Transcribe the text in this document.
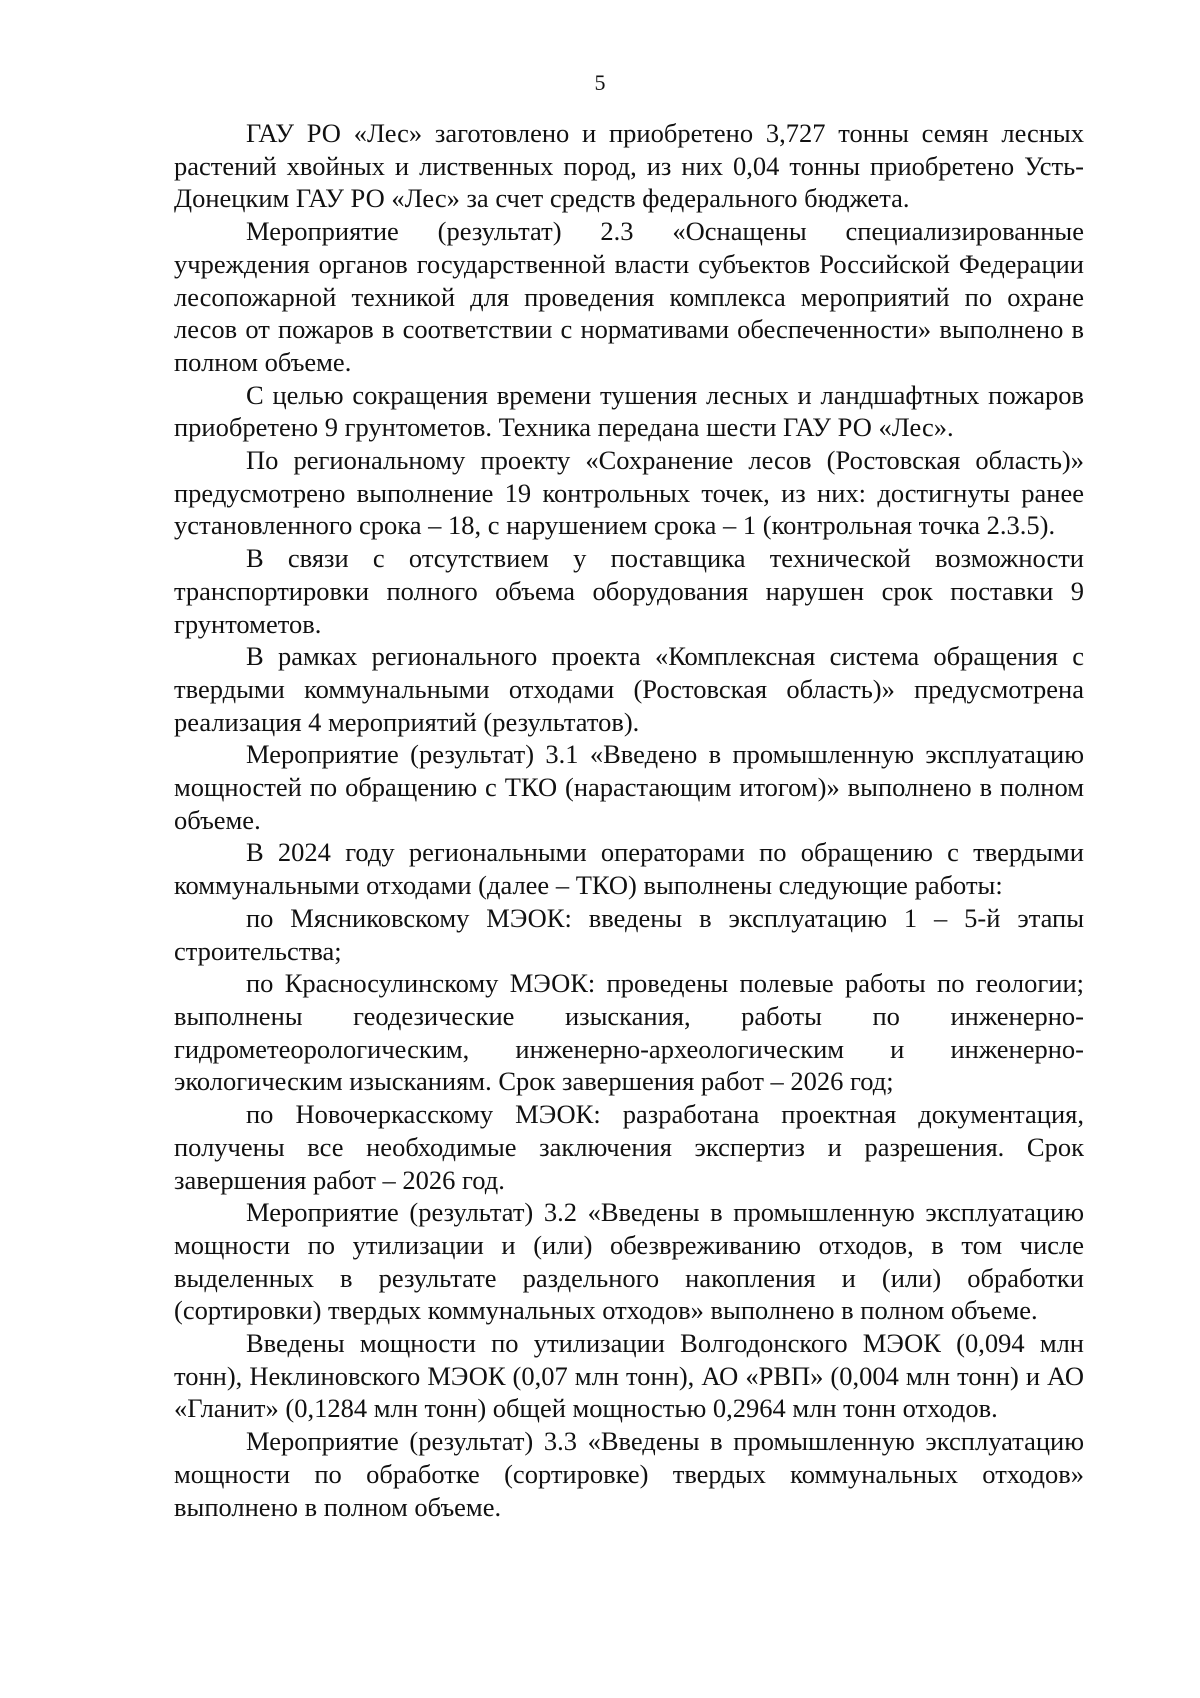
5

ГАУ РО «Лес» заготовлено и приобретено 3,727 тонны семян лесных растений хвойных и лиственных пород, из них 0,04 тонны приобретено Усть-Донецким ГАУ РО «Лес» за счет средств федерального бюджета.

Мероприятие (результат) 2.3 «Оснащены специализированные учреждения органов государственной власти субъектов Российской Федерации лесопожарной техникой для проведения комплекса мероприятий по охране лесов от пожаров в соответствии с нормативами обеспеченности» выполнено в полном объеме.

С целью сокращения времени тушения лесных и ландшафтных пожаров приобретено 9 грунтометов. Техника передана шести ГАУ РО «Лес».

По региональному проекту «Сохранение лесов (Ростовская область)» предусмотрено выполнение 19 контрольных точек, из них: достигнуты ранее установленного срока – 18, с нарушением срока – 1 (контрольная точка 2.3.5).

В связи с отсутствием у поставщика технической возможности транспортировки полного объема оборудования нарушен срок поставки 9 грунтометов.

В рамках регионального проекта «Комплексная система обращения с твердыми коммунальными отходами (Ростовская область)» предусмотрена реализация 4 мероприятий (результатов).

Мероприятие (результат) 3.1 «Введено в промышленную эксплуатацию мощностей по обращению с ТКО (нарастающим итогом)» выполнено в полном объеме.

В 2024 году региональными операторами по обращению с твердыми коммунальными отходами (далее – ТКО) выполнены следующие работы:

по Мясниковскому МЭОК: введены в эксплуатацию 1 – 5-й этапы строительства;

по Красносулинскому МЭОК: проведены полевые работы по геологии; выполнены геодезические изыскания, работы по инженерно-гидрометеорологическим, инженерно-археологическим и инженерно-экологическим изысканиям. Срок завершения работ – 2026 год;

по Новочеркасскому МЭОК: разработана проектная документация, получены все необходимые заключения экспертиз и разрешения. Срок завершения работ – 2026 год.

Мероприятие (результат) 3.2 «Введены в промышленную эксплуатацию мощности по утилизации и (или) обезвреживанию отходов, в том числе выделенных в результате раздельного накопления и (или) обработки (сортировки) твердых коммунальных отходов» выполнено в полном объеме.

Введены мощности по утилизации Волгодонского МЭОК (0,094 млн тонн), Неклиновского МЭОК (0,07 млн тонн), АО «РВП» (0,004 млн тонн) и АО «Гланит» (0,1284 млн тонн) общей мощностью 0,2964 млн тонн отходов.

Мероприятие (результат) 3.3 «Введены в промышленную эксплуатацию мощности по обработке (сортировке) твердых коммунальных отходов» выполнено в полном объеме.
